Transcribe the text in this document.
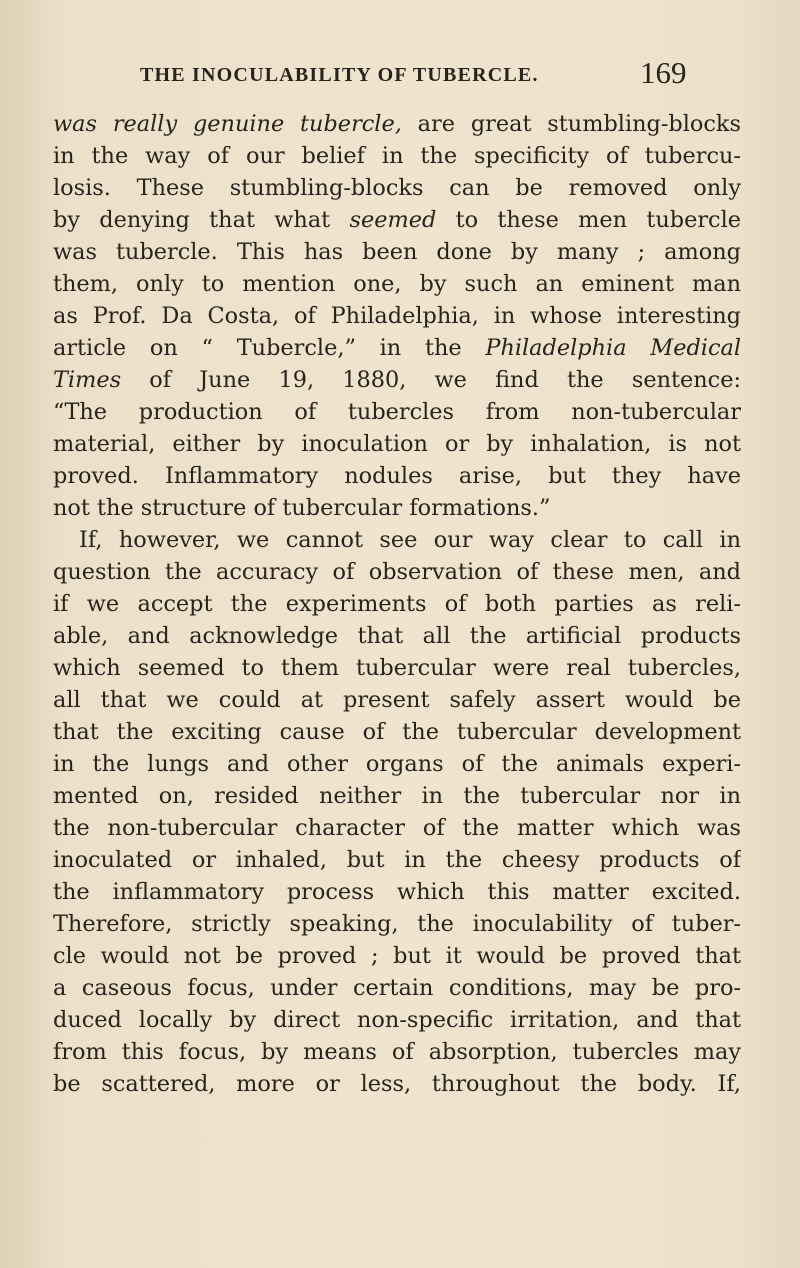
THE INOCULABILITY OF TUBERCLE.	169
was really genuine tubercle, are great stumbling-blocks
in the way of our belief in the specificity of tubercu-
losis. These stumbling-blocks can be removed only
by denying that what seemed to these men tubercle
was tubercle. This has been done by many ; among
them, only to mention one, by such an eminent man
as Prof. Da Costa, of Philadelphia, in whose interesting
article on “ Tubercle,” in the Philadelphia Medical
Times of June 19, 1880, we find the sentence:
“The production of tubercles from non-tubercular
material, either by inoculation or by inhalation, is not
proved. Inflammatory nodules arise, but they have
not the structure of tubercular formations.”
If, however, we cannot see our way clear to call in
question the accuracy of observation of these men, and
if we accept the experiments of both parties as reli-
able, and acknowledge that all the artificial products
which seemed to them tubercular were real tubercles,
all that we could at present safely assert would be
that the exciting cause of the tubercular development
in the lungs and other organs of the animals experi-
mented on, resided neither in the tubercular nor in
the non-tubercular character of the matter which was
inoculated or inhaled, but in the cheesy products of
the inflammatory process which this matter excited.
Therefore, strictly speaking, the inoculability of tuber-
cle would not be proved ; but it would be proved that
a caseous focus, under certain conditions, may be pro-
duced locally by direct non-specific irritation, and that
from this focus, by means of absorption, tubercles may
be scattered, more or less, throughout the body. If,
